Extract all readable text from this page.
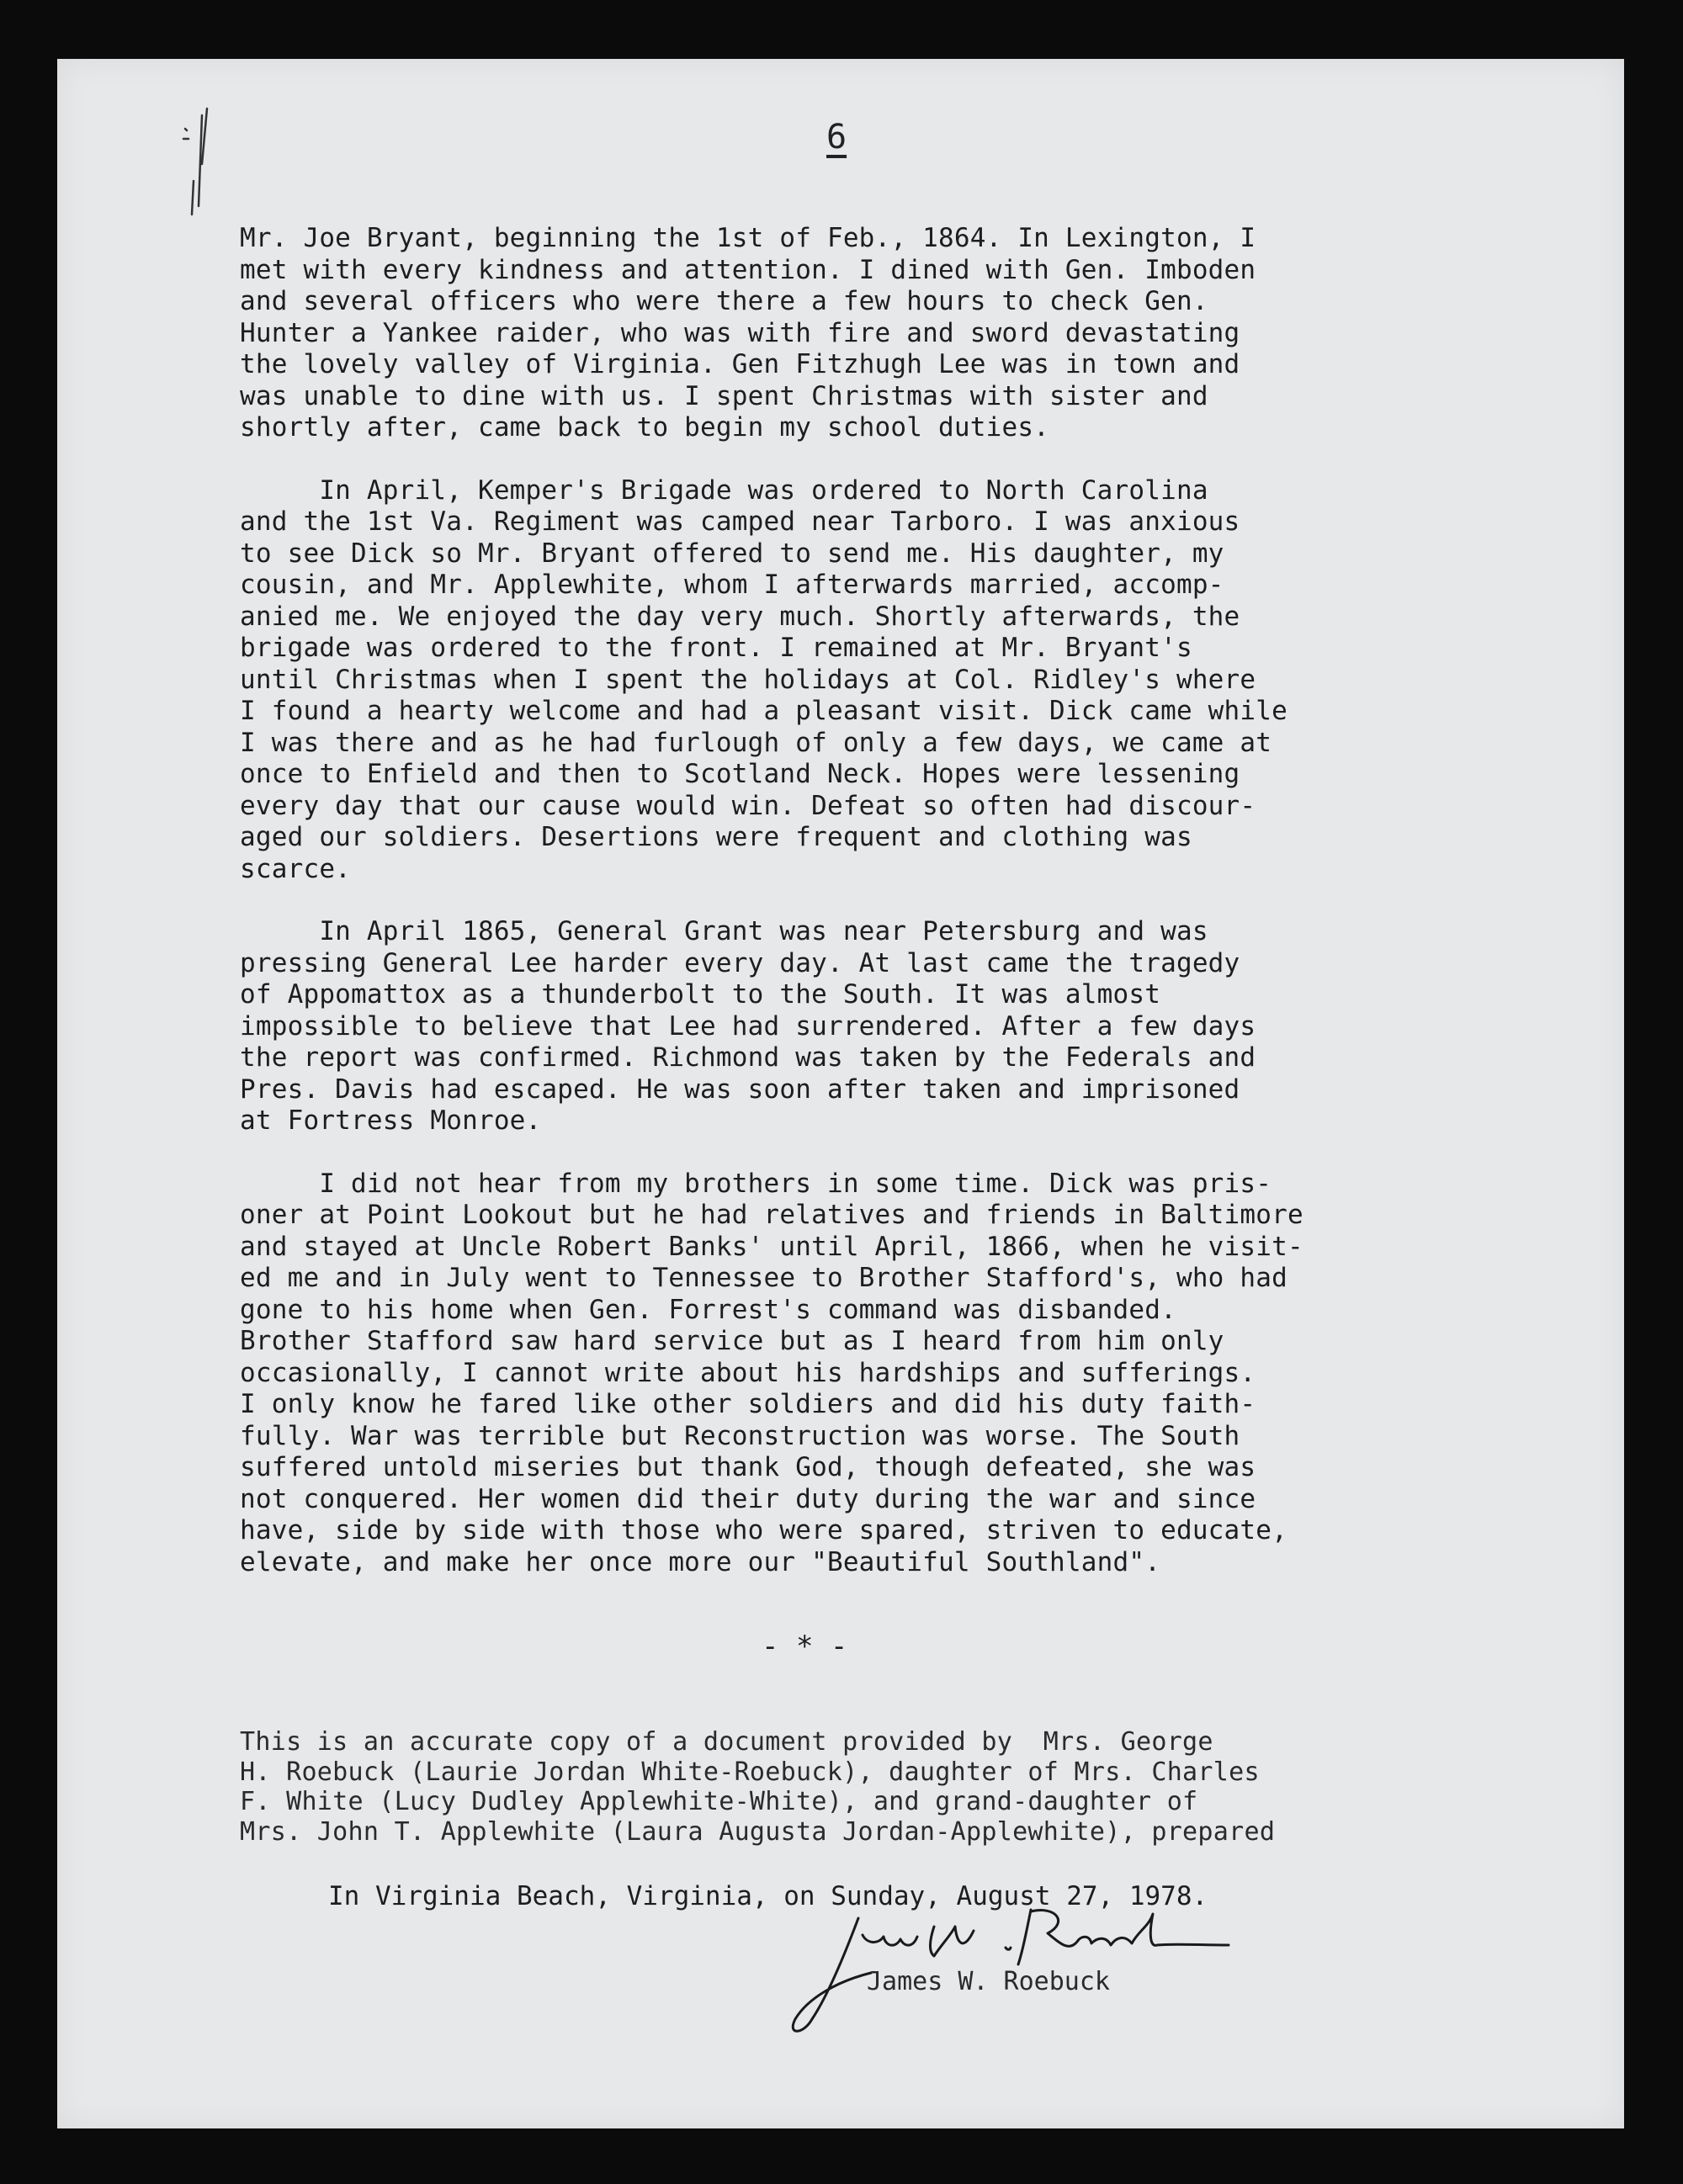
6

Mr. Joe Bryant, beginning the 1st of Feb., 1864. In Lexington, I
met with every kindness and attention. I dined with Gen. Imboden
and several officers who were there a few hours to check Gen.
Hunter a Yankee raider, who was with fire and sword devastating
the lovely valley of Virginia. Gen Fitzhugh Lee was in town and
was unable to dine with us. I spent Christmas with sister and
shortly after, came back to begin my school duties.

In April, Kemper's Brigade was ordered to North Carolina
and the 1st Va. Regiment was camped near Tarboro. I was anxious
to see Dick so Mr. Bryant offered to send me. His daughter, my
cousin, and Mr. Applewhite, whom I afterwards married, accomp-
anied me. We enjoyed the day very much. Shortly afterwards, the
brigade was ordered to the front. I remained at Mr. Bryant's
until Christmas when I spent the holidays at Col. Ridley's where
I found a hearty welcome and had a pleasant visit. Dick came while
I was there and as he had furlough of only a few days, we came at
once to Enfield and then to Scotland Neck. Hopes were lessening
every day that our cause would win. Defeat so often had discour-
aged our soldiers. Desertions were frequent and clothing was
scarce.

In April 1865, General Grant was near Petersburg and was
pressing General Lee harder every day. At last came the tragedy
of Appomattox as a thunderbolt to the South. It was almost
impossible to believe that Lee had surrendered. After a few days
the report was confirmed. Richmond was taken by the Federals and
Pres. Davis had escaped. He was soon after taken and imprisoned
at Fortress Monroe.

I did not hear from my brothers in some time. Dick was pris-
oner at Point Lookout but he had relatives and friends in Baltimore
and stayed at Uncle Robert Banks' until April, 1866, when he visit-
ed me and in July went to Tennessee to Brother Stafford's, who had
gone to his home when Gen. Forrest's command was disbanded.
Brother Stafford saw hard service but as I heard from him only
occasionally, I cannot write about his hardships and sufferings.
I only know he fared like other soldiers and did his duty faith-
fully. War was terrible but Reconstruction was worse. The South
suffered untold miseries but thank God, though defeated, she was
not conquered. Her women did their duty during the war and since
have, side by side with those who were spared, striven to educate,
elevate, and make her once more our "Beautiful Southland".

- * -
This is an accurate copy of a document provided by  Mrs. George
H. Roebuck (Laurie Jordan White-Roebuck), daughter of Mrs. Charles
F. White (Lucy Dudley Applewhite-White), and grand-daughter of
Mrs. John T. Applewhite (Laura Augusta Jordan-Applewhite), prepared
In Virginia Beach, Virginia, on Sunday, August 27, 1978.
James W. Roebuck
